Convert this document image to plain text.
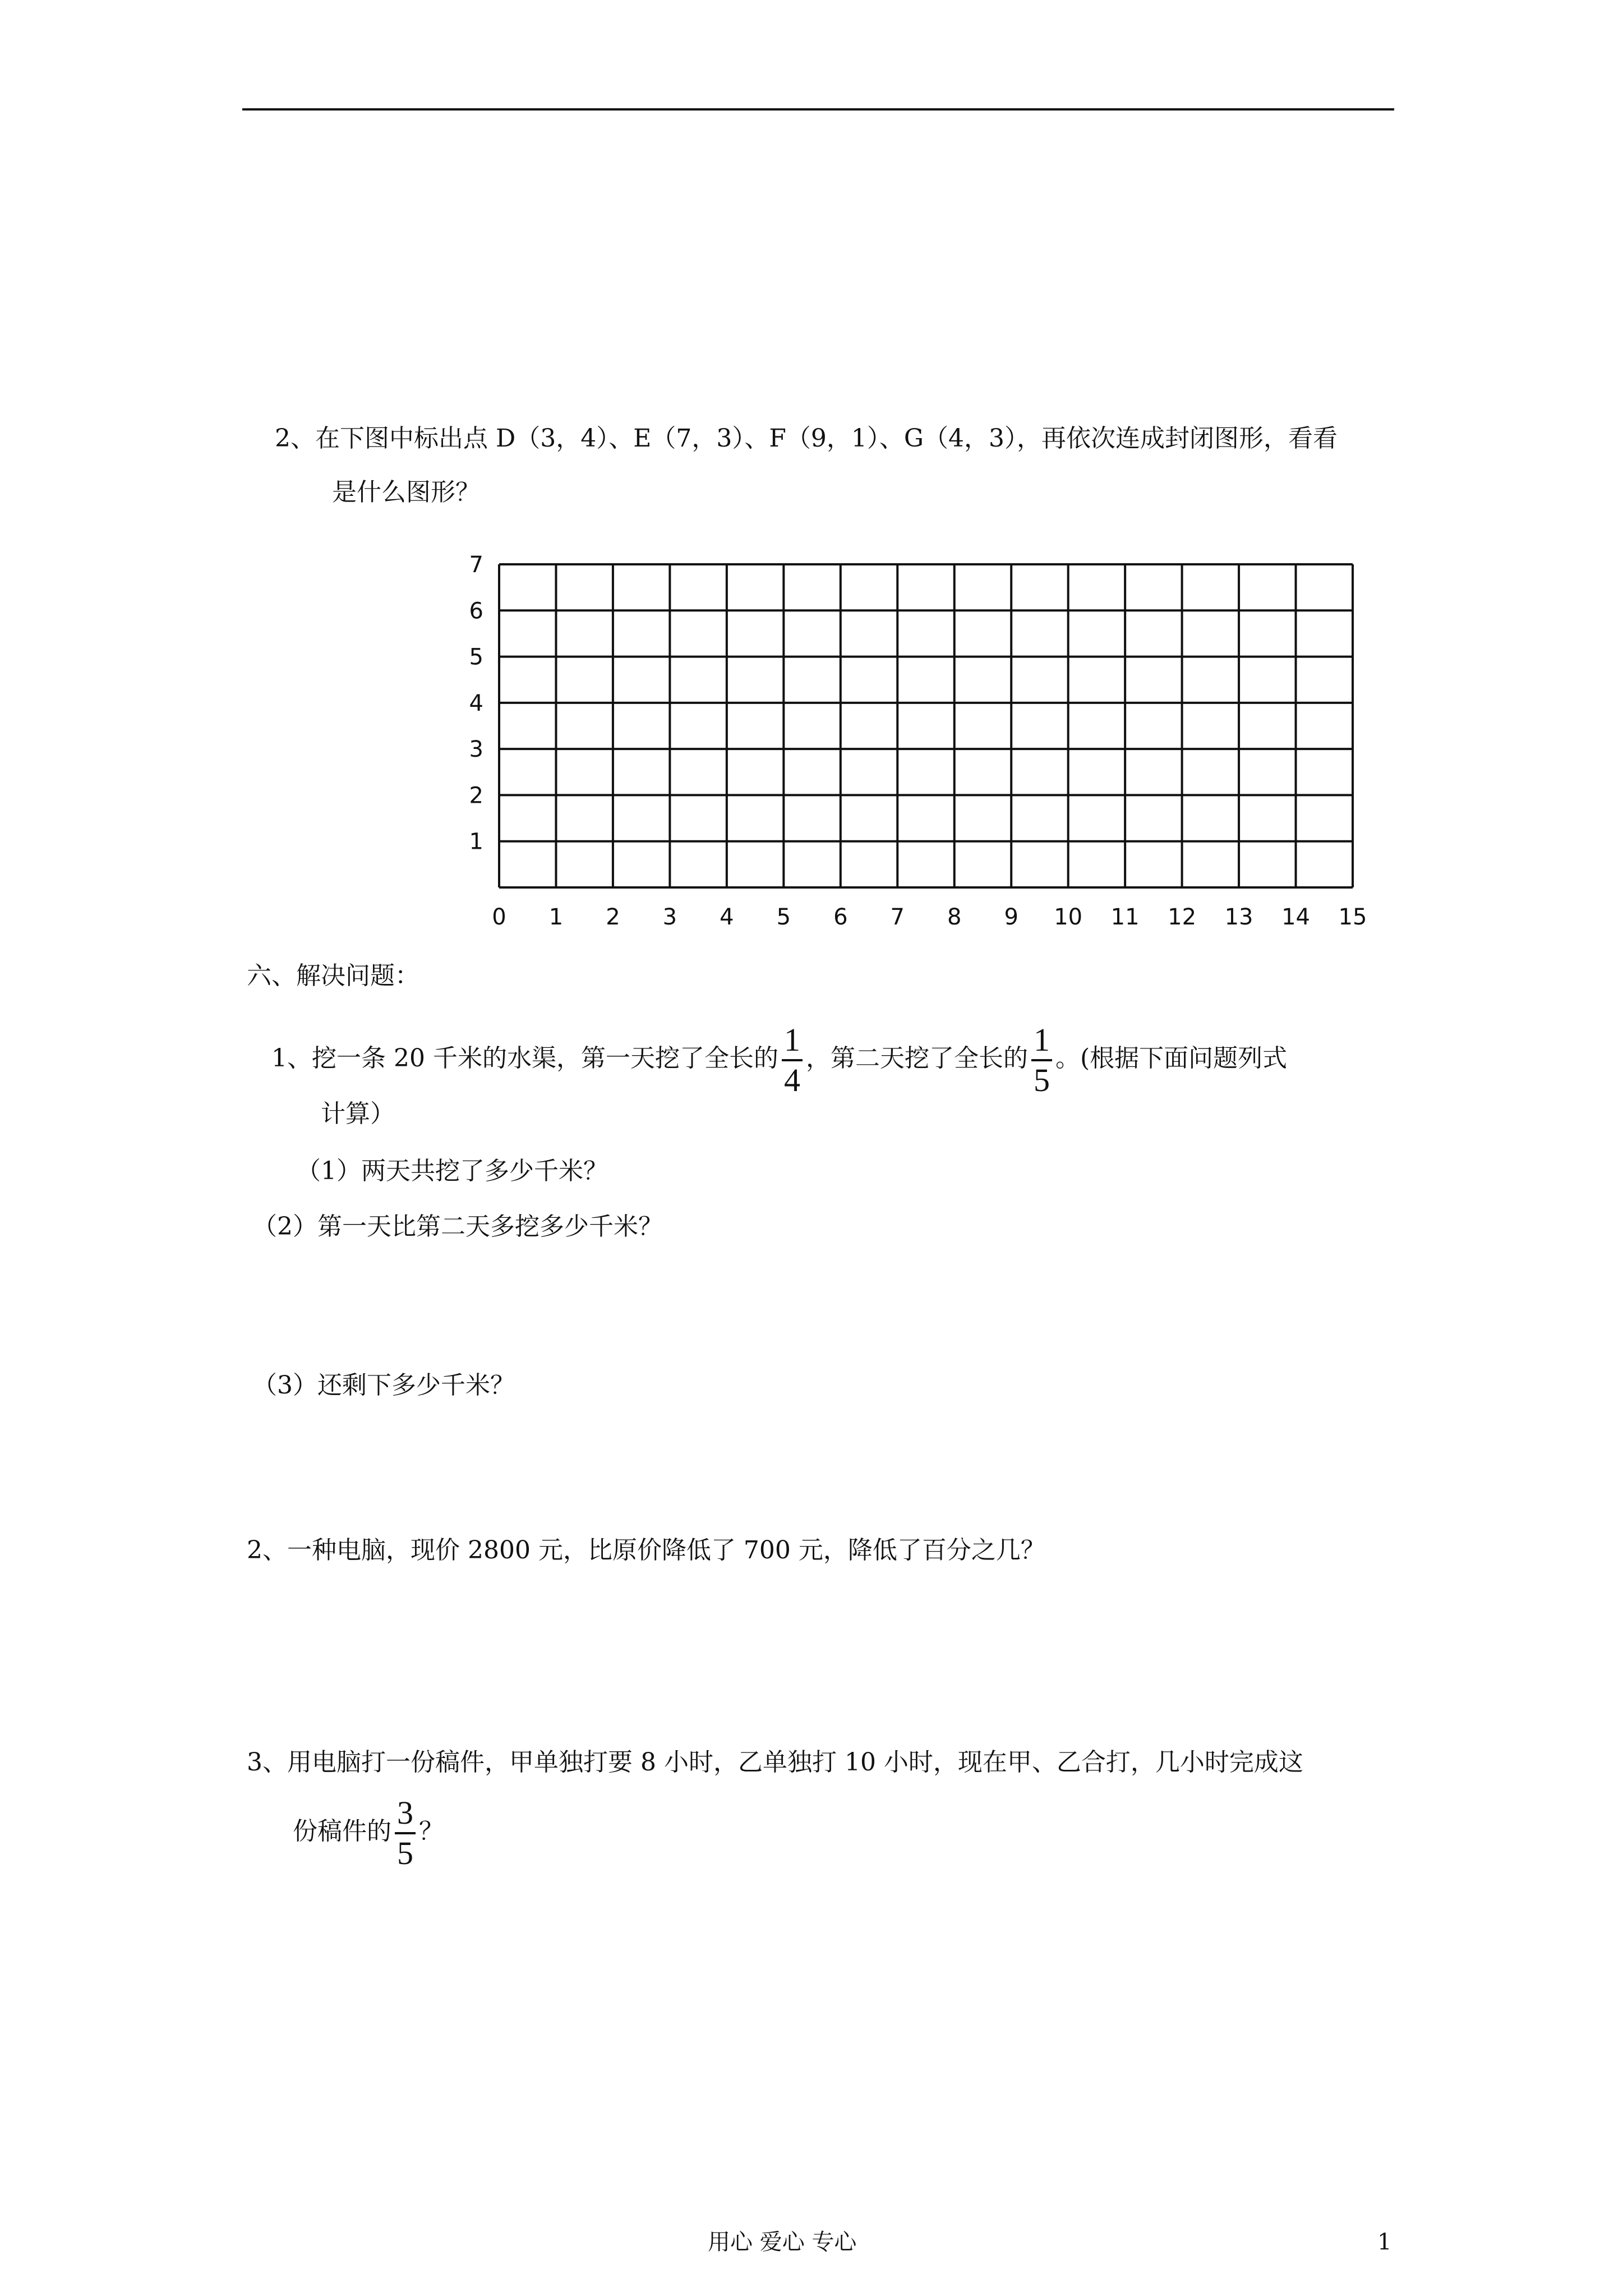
2、在下图中标出点 D（3，4）、E（7，3）、F（9，1）、G（4，3），再依次连成封闭图形，看看
是什么图形？
0 1 2 3 4 5 6 7 8 9 10 11 12 13 14 15
1
2
3
4
5
6
7
六、解决问题：
1、挖一条 20 千米的水渠，第一天挖了全长的 $\frac{1}{4}$ ，第二天挖了全长的 $\frac{1}{5}$ 。(根据下面问题列式
计算）
（1）两天共挖了多少千米？
（2）第一天比第二天多挖多少千米？
（3）还剩下多少千米？
2、一种电脑，现价 2800 元，比原价降低了 700 元，降低了百分之几？
3、用电脑打一份稿件，甲单独打要 8 小时，乙单独打 10 小时，现在甲、乙合打，几小时完成这
份稿件的 $\frac{3}{5}$ ？
用心 爱心 专心	1
